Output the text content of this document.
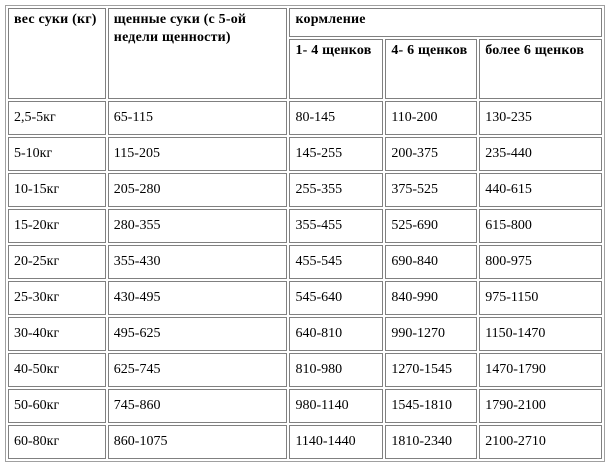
вес суки (кг)	щенные суки (с 5-ой недели щенности)	кормление		
		1- 4 щенков	4- 6 щенков	более 6 щенков
2,5-5кг	65-115	80-145	110-200	130-235
5-10кг	115-205	145-255	200-375	235-440
10-15кг	205-280	255-355	375-525	440-615
15-20кг	280-355	355-455	525-690	615-800
20-25кг	355-430	455-545	690-840	800-975
25-30кг	430-495	545-640	840-990	975-1150
30-40кг	495-625	640-810	990-1270	1150-1470
40-50кг	625-745	810-980	1270-1545	1470-1790
50-60кг	745-860	980-1140	1545-1810	1790-2100
60-80кг	860-1075	1140-1440	1810-2340	2100-2710
